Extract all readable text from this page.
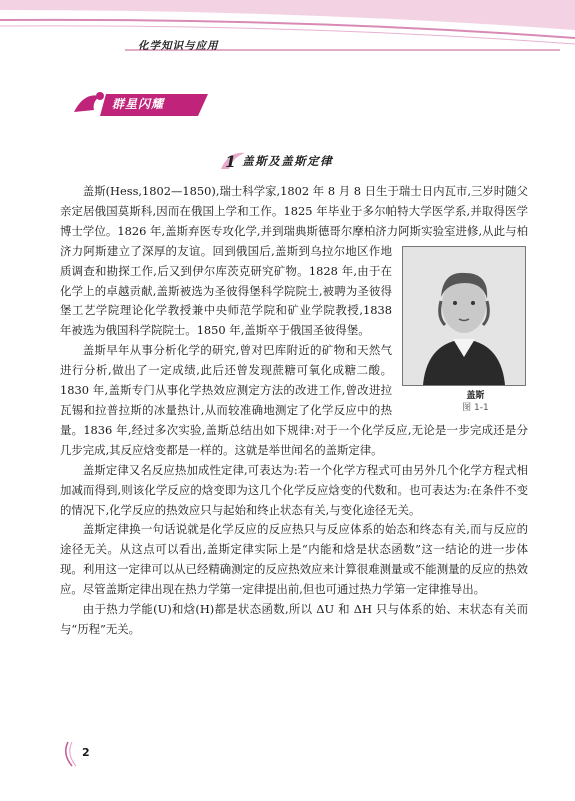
化学知识与应用
群星闪耀
1 盖斯及盖斯定律

盖斯(Hess,1802—1850),瑞士科学家,1802 年 8 月 8 日生于瑞士日内瓦市,三岁时随父亲定居俄国莫斯科,因而在俄国上学和工作。1825 年毕业于多尔帕特大学医学系,并取得医学博士学位。1826 年,盖斯弃医专攻化学,并到瑞典斯德哥尔摩柏济力阿斯实验室进修,从此
盖斯
图 1-1
与柏济力阿斯建立了深厚的友谊。回到俄国后,盖斯到乌拉尔地区作地质调查和勘探工作,后又到伊尔库茨克研究矿物。1828 年,由于在化学上的卓越贡献,盖斯被选为圣彼得堡科学院院士,被聘为圣彼得堡工艺学院理论化学教授兼中央师范学院和矿业学院教授,1838 年被选为俄国科学院院士。1850 年,盖斯卒于俄国圣彼得堡。

盖斯早年从事分析化学的研究,曾对巴库附近的矿物和天然气进行分析,做出了一定成绩,此后还曾发现蔗糖可氧化成糖二酸。1830 年,盖斯专门从事化学热效应测定方法的改进工作,曾改进拉瓦锡和拉普拉斯的冰量热计,从而较准确地测定了化学反应中的热量。1836 年,经过多次实验,盖斯总结出如下规律:对于一个化学反应,无论是一步完成还是分几步完成,其反应焓变都是一样的。这就是举世闻名的盖斯定律。

盖斯定律又名反应热加成性定律,可表达为:若一个化学方程式可由另外几个化学方程式相加减而得到,则该化学反应的焓变即为这几个化学反应焓变的代数和。也可表达为:在条件不变的情况下,化学反应的热效应只与起始和终止状态有关,与变化途径无关。

盖斯定律换一句话说就是化学反应的反应热只与反应体系的始态和终态有关,而与反应的途径无关。从这点可以看出,盖斯定律实际上是“内能和焓是状态函数”这一结论的进一步体现。利用这一定律可以从已经精确测定的反应热效应来计算很难测量或不能测量的反应的热效应。尽管盖斯定律出现在热力学第一定律提出前,但也可通过热力学第一定律推导出。

由于热力学能(U)和焓(H)都是状态函数,所以 ΔU 和 ΔH 只与体系的始、末状态有关而与“历程”无关。

2
